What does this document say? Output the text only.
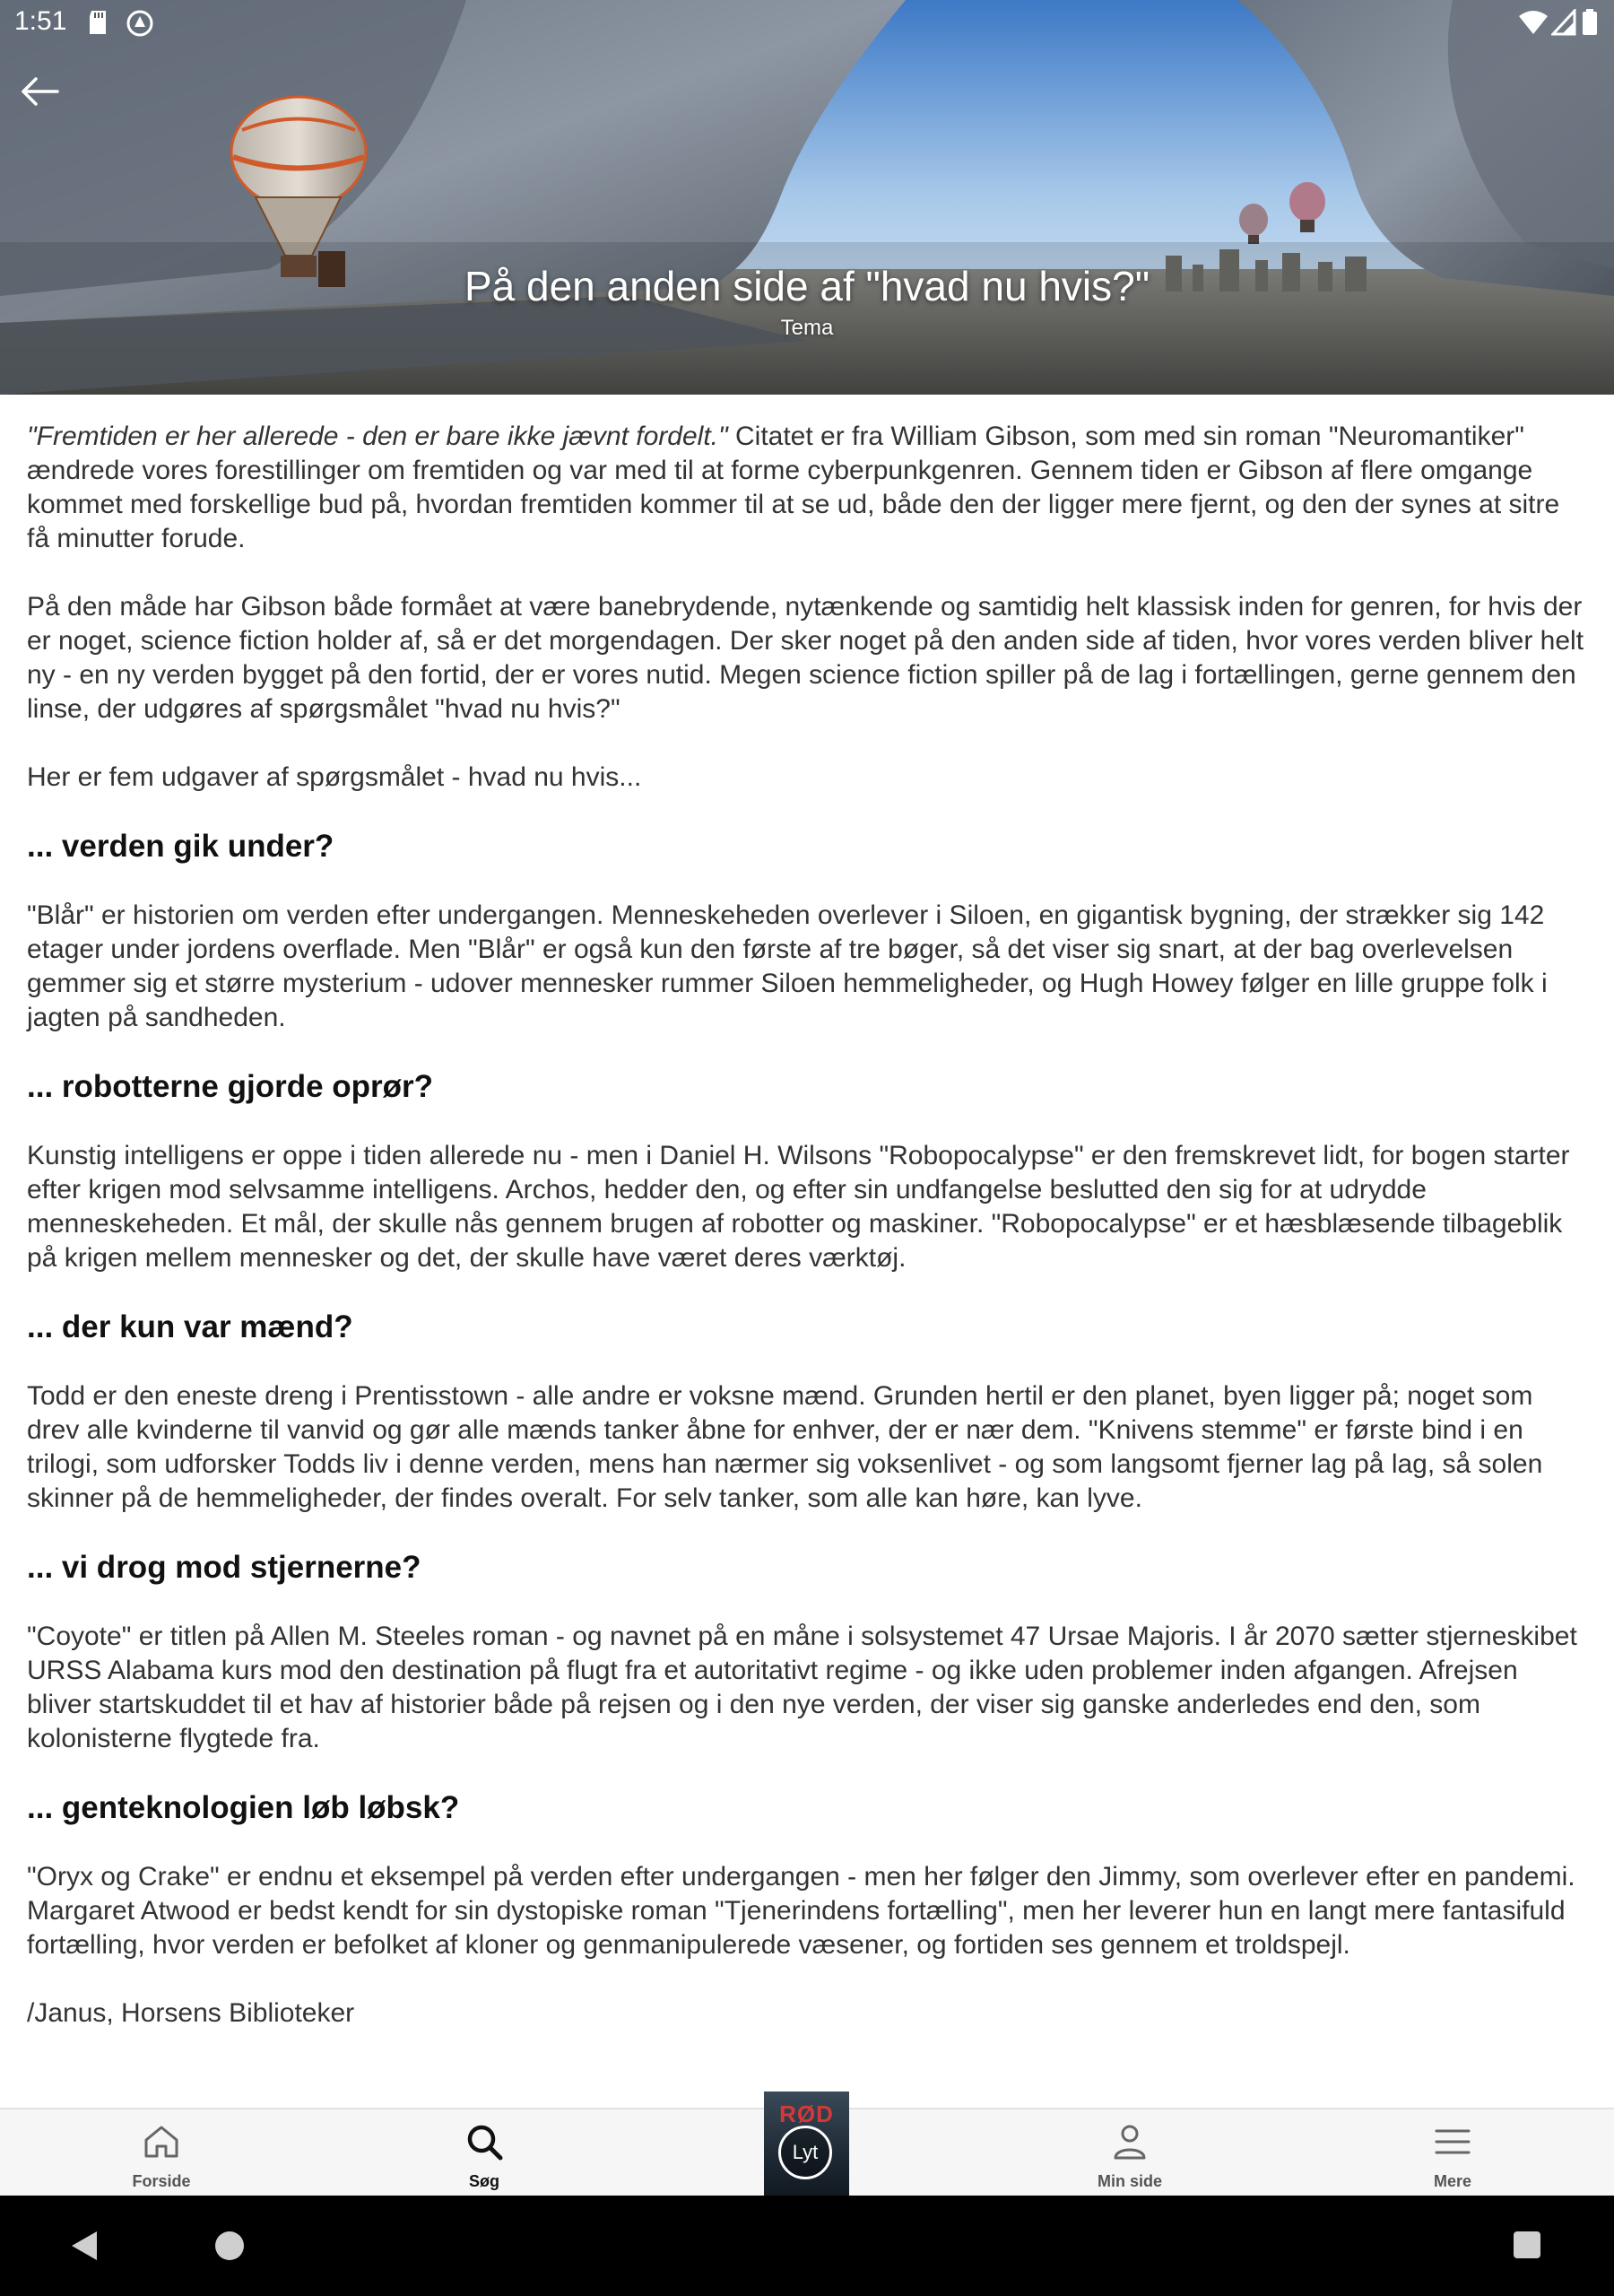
1:51
På den anden side af "hvad nu hvis?"
Tema

"Fremtiden er her allerede - den er bare ikke jævnt fordelt." Citatet er fra William Gibson, som med sin roman "Neuromantiker" ændrede vores forestillinger om fremtiden og var med til at forme cyberpunkgenren. Gennem tiden er Gibson af flere omgange kommet med forskellige bud på, hvordan fremtiden kommer til at se ud, både den der ligger mere fjernt, og den der synes at sitre få minutter forude.

På den måde har Gibson både formået at være banebrydende, nytænkende og samtidig helt klassisk inden for genren, for hvis der er noget, science fiction holder af, så er det morgendagen. Der sker noget på den anden side af tiden, hvor vores verden bliver helt ny - en ny verden bygget på den fortid, der er vores nutid. Megen science fiction spiller på de lag i fortællingen, gerne gennem den linse, der udgøres af spørgsmålet "hvad nu hvis?"

Her er fem udgaver af spørgsmålet - hvad nu hvis...

... verden gik under?

"Blår" er historien om verden efter undergangen. Menneskeheden overlever i Siloen, en gigantisk bygning, der strækker sig 142 etager under jordens overflade. Men "Blår" er også kun den første af tre bøger, så det viser sig snart, at der bag overlevelsen gemmer sig et større mysterium - udover mennesker rummer Siloen hemmeligheder, og Hugh Howey følger en lille gruppe folk i jagten på sandheden.

... robotterne gjorde oprør?

Kunstig intelligens er oppe i tiden allerede nu - men i Daniel H. Wilsons "Robopocalypse" er den fremskrevet lidt, for bogen starter efter krigen mod selvsamme intelligens. Archos, hedder den, og efter sin undfangelse beslutted den sig for at udrydde menneskeheden. Et mål, der skulle nås gennem brugen af robotter og maskiner. "Robopocalypse" er et hæsblæsende tilbageblik på krigen mellem mennesker og det, der skulle have været deres værktøj.

... der kun var mænd?

Todd er den eneste dreng i Prentisstown - alle andre er voksne mænd. Grunden hertil er den planet, byen ligger på; noget som drev alle kvinderne til vanvid og gør alle mænds tanker åbne for enhver, der er nær dem. "Knivens stemme" er første bind i en trilogi, som udforsker Todds liv i denne verden, mens han nærmer sig voksenlivet - og som langsomt fjerner lag på lag, så solen skinner på de hemmeligheder, der findes overalt. For selv tanker, som alle kan høre, kan lyve.

... vi drog mod stjernerne?

"Coyote" er titlen på Allen M. Steeles roman - og navnet på en måne i solsystemet 47 Ursae Majoris. I år 2070 sætter stjerneskibet URSS Alabama kurs mod den destination på flugt fra et autoritativt regime - og ikke uden problemer inden afgangen. Afrejsen bliver startskuddet til et hav af historier både på rejsen og i den nye verden, der viser sig ganske anderledes end den, som kolonisterne flygtede fra.

... genteknologien løb løbsk?

"Oryx og Crake" er endnu et eksempel på verden efter undergangen - men her følger den Jimmy, som overlever efter en pandemi. Margaret Atwood er bedst kendt for sin dystopiske roman "Tjenerindens fortælling", men her leverer hun en langt mere fantasifuld fortælling, hvor verden er befolket af kloner og genmanipulerede væsener, og fortiden ses gennem et troldspejl.

/Janus, Horsens Biblioteker

Forside	Søg	Min side	Mere
RØD
Lyt
